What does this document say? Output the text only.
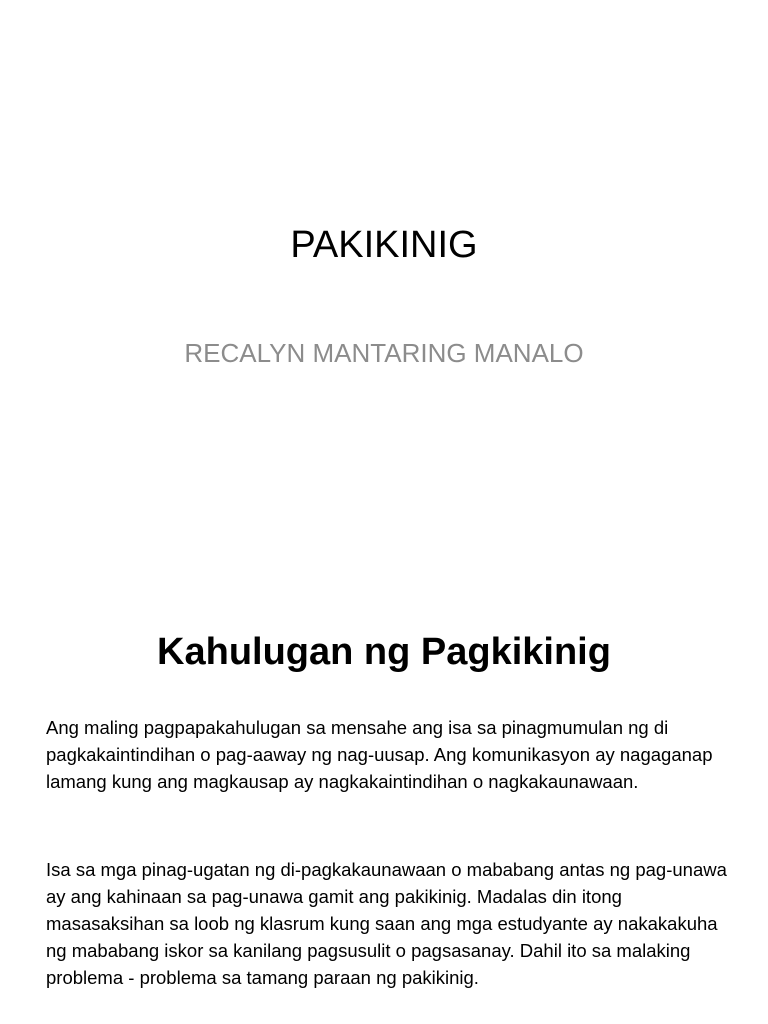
PAKIKINIG

RECALYN MANTARING MANALO

Kahulugan ng Pagkikinig

Ang maling pagpapakahulugan sa mensahe ang isa sa pinagmumulan ng di pagkakaintindihan o pag-aaway ng nag-uusap. Ang komunikasyon ay nagaganap lamang kung ang magkausap ay nagkakaintindihan o nagkakaunawaan.

Isa sa mga pinag-ugatan ng di-pagkakaunawaan o mababang antas ng pag-unawa ay ang kahinaan sa pag-unawa gamit ang pakikinig. Madalas din itong masasaksihan sa loob ng klasrum kung saan ang mga estudyante ay nakakakuha ng mababang iskor sa kanilang pagsusulit o pagsasanay. Dahil ito sa malaking problema - problema sa tamang paraan ng pakikinig.
